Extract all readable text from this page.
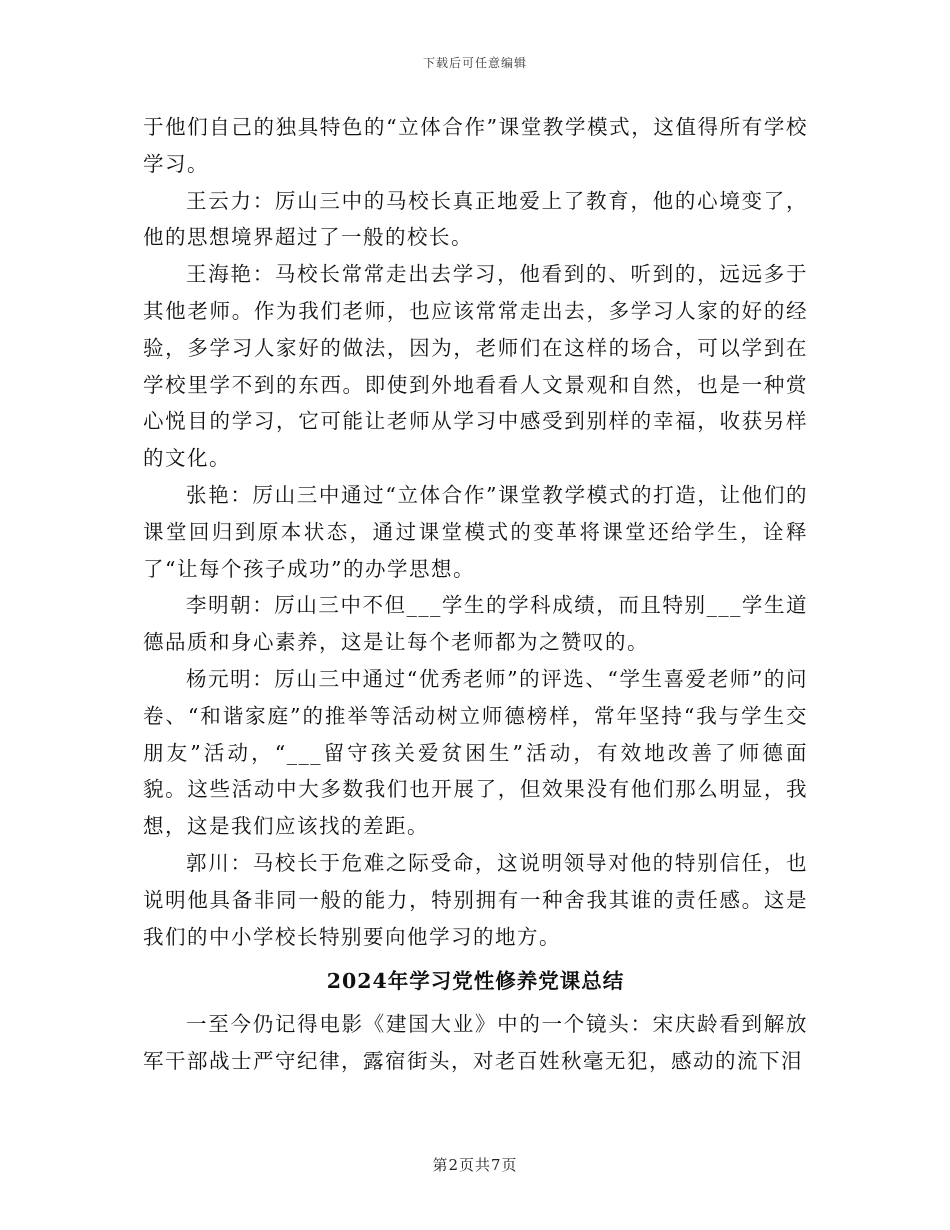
下载后可任意编辑

于他们自己的独具特色的“立体合作”课堂教学模式，这值得所有学校学习。

王云力：厉山三中的马校长真正地爱上了教育，他的心境变了，他的思想境界超过了一般的校长。

王海艳：马校长常常走出去学习，他看到的、听到的，远远多于其他老师。作为我们老师，也应该常常走出去，多学习人家的好的经验，多学习人家好的做法，因为，老师们在这样的场合，可以学到在学校里学不到的东西。即使到外地看看人文景观和自然，也是一种赏心悦目的学习，它可能让老师从学习中感受到别样的幸福，收获另样的文化。

张艳：厉山三中通过“立体合作”课堂教学模式的打造，让他们的课堂回归到原本状态，通过课堂模式的变革将课堂还给学生，诠释了“让每个孩子成功”的办学思想。

李明朝：厉山三中不但___学生的学科成绩，而且特别___学生道德品质和身心素养，这是让每个老师都为之赞叹的。

杨元明：厉山三中通过“优秀老师”的评选、“学生喜爱老师”的问卷、“和谐家庭”的推举等活动树立师德榜样，常年坚持“我与学生交朋友”活动，“___留守孩关爱贫困生”活动，有效地改善了师德面貌。这些活动中大多数我们也开展了，但效果没有他们那么明显，我想，这是我们应该找的差距。

郭川：马校长于危难之际受命，这说明领导对他的特别信任，也说明他具备非同一般的能力，特别拥有一种舍我其谁的责任感。这是我们的中小学校长特别要向他学习的地方。

2024年学习党性修养党课总结

一至今仍记得电影《建国大业》中的一个镜头：宋庆龄看到解放军干部战士严守纪律，露宿街头，对老百姓秋毫无犯，感动的流下泪

第2页共7页
